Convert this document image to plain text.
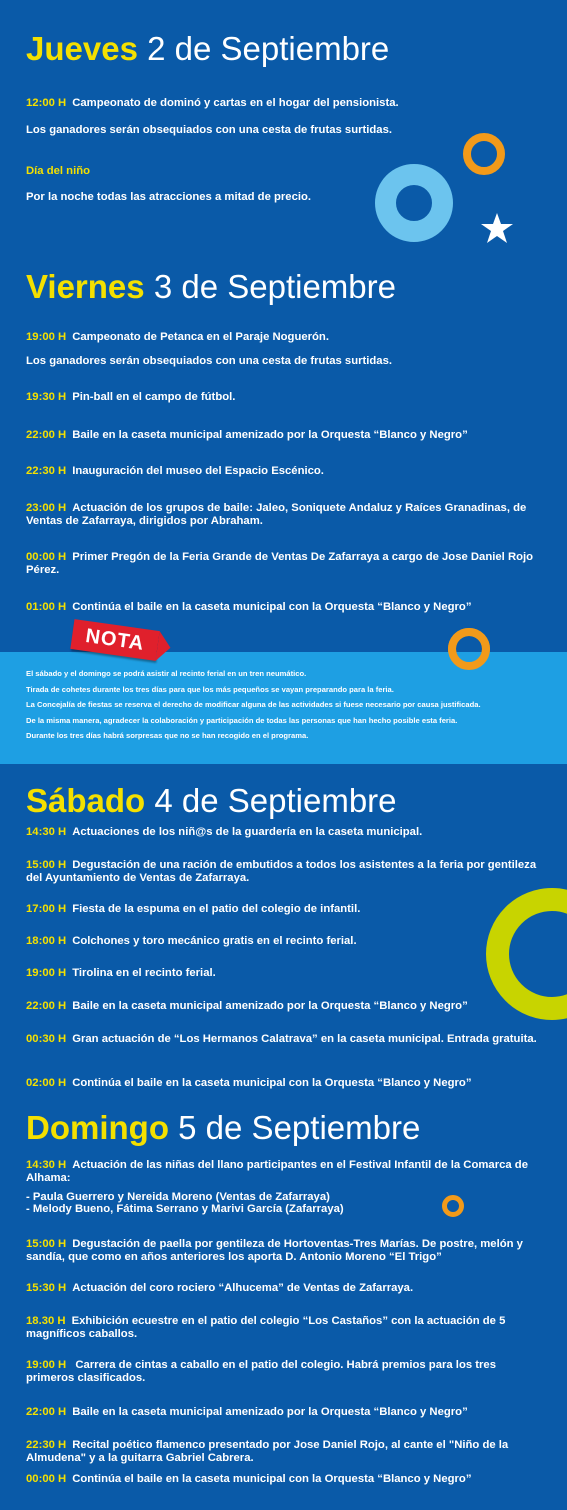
Jueves 2 de Septiembre

12:00 H Campeonato de dominó y cartas en el hogar del pensionista.

Los ganadores serán obsequiados con una cesta de frutas surtidas.

Día del niño

Por la noche todas las atracciones a mitad de precio.

Viernes 3 de Septiembre

19:00 H Campeonato de Petanca en el Paraje Noguerón.

Los ganadores serán obsequiados con una cesta de frutas surtidas.

19:30 H Pin-ball en el campo de fútbol.

22:00 H Baile en la caseta municipal amenizado por la Orquesta “Blanco y Negro”

22:30 H Inauguración del museo del Espacio Escénico.

23:00 H Actuación de los grupos de baile: Jaleo, Soniquete Andaluz y Raíces Granadinas, de Ventas de Zafarraya, dirigidos por Abraham.

00:00 H Primer Pregón de la Feria Grande de Ventas De Zafarraya a cargo de Jose Daniel Rojo Pérez.

01:00 H Continúa el baile en la caseta municipal con la Orquesta “Blanco y Negro”

NOTA

El sábado y el domingo se podrá asistir al recinto ferial en un tren neumático.

Tirada de cohetes durante los tres días para que los más pequeños se vayan preparando para la feria.

La Concejalía de fiestas se reserva el derecho de modificar alguna de las actividades si fuese necesario por causa justificada.

De la misma manera, agradecer la colaboración y participación de todas las personas que han hecho posible esta feria.

Durante los tres días habrá sorpresas que no se han recogido en el programa.

Sábado 4 de Septiembre

14:30 H Actuaciones de los niñ@s de la guardería en la caseta municipal.

15:00 H Degustación de una ración de embutidos a todos los asistentes a la feria por gentileza del Ayuntamiento de Ventas de Zafarraya.

17:00 H Fiesta de la espuma en el patio del colegio de infantil.

18:00 H Colchones y toro mecánico gratis en el recinto ferial.

19:00 H Tirolina en el recinto ferial.

22:00 H Baile en la caseta municipal amenizado por la Orquesta “Blanco y Negro”

00:30 H Gran actuación de “Los Hermanos Calatrava” en la caseta municipal. Entrada gratuita.

02:00 H Continúa el baile en la caseta municipal con la Orquesta “Blanco y Negro”

Domingo 5 de Septiembre

14:30 H Actuación de las niñas del llano participantes en el Festival Infantil de la Comarca de Alhama:

- Paula Guerrero y Nereida Moreno (Ventas de Zafarraya)

- Melody Bueno, Fátima Serrano y Marivi García (Zafarraya)

15:00 H Degustación de paella por gentileza de Hortoventas-Tres Marías. De postre, melón y sandía, que como en años anteriores los aporta D. Antonio Moreno “El Trigo”

15:30 H Actuación del coro rociero “Alhucema” de Ventas de Zafarraya.

18.30 H Exhibición ecuestre en el patio del colegio “Los Castaños” con la actuación de 5 magníficos caballos.

19:00 H Carrera de cintas a caballo en el patio del colegio. Habrá premios para los tres primeros clasificados.

22:00 H Baile en la caseta municipal amenizado por la Orquesta “Blanco y Negro”

22:30 H Recital poético flamenco presentado por Jose Daniel Rojo, al cante el "Niño de la Almudena" y a la guitarra Gabriel Cabrera.

00:00 H Continúa el baile en la caseta municipal con la Orquesta “Blanco y Negro”
